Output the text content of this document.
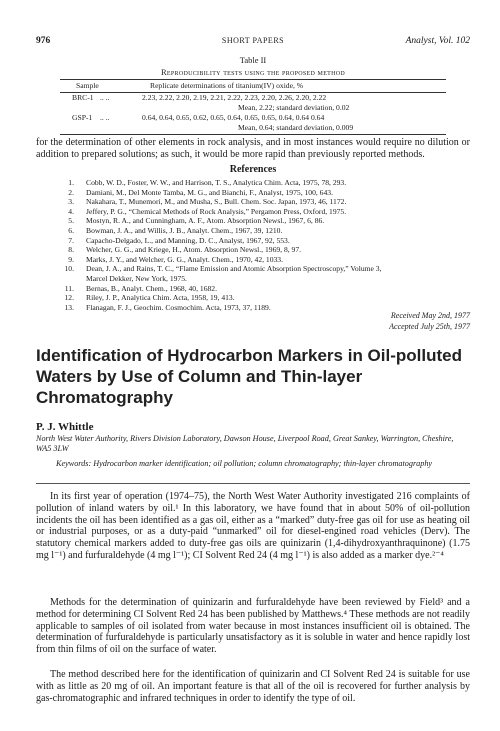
976	SHORT PAPERS	Analyst, Vol. 102
Table II
Reproducibility tests using the proposed method
Sample	Replicate determinations of titanium(IV) oxide, %
BRC-1 .. ..	2.23, 2.22, 2.20, 2.19, 2.21, 2.22, 2.23, 2.20, 2.26, 2.20, 2.22
Mean, 2.22; standard deviation, 0.02
GSP-1 .. ..	0.64, 0.64, 0.65, 0.62, 0.65, 0.64, 0.65, 0.65, 0.64, 0.64 0.64
Mean, 0.64; standard deviation, 0.009
for the determination of other elements in rock analysis, and in most instances would require no dilution or addition to prepared solutions; as such, it would be more rapid than previously reported methods.
References
1. Cobb, W. D., Foster, W. W., and Harrison, T. S., Analytica Chim. Acta, 1975, 78, 293.
2. Damiani, M., Del Monte Tamba, M. G., and Bianchi, F., Analyst, 1975, 100, 643.
3. Nakahara, T., Munemori, M., and Musha, S., Bull. Chem. Soc. Japan, 1973, 46, 1172.
4. Jeffery, P. G., “Chemical Methods of Rock Analysis,” Pergamon Press, Oxford, 1975.
5. Mostyn, R. A., and Cunningham, A. F., Atom. Absorption Newsl., 1967, 6, 86.
6. Bowman, J. A., and Willis, J. B., Analyt. Chem., 1967, 39, 1210.
7. Capacho-Delgado, L., and Manning, D. C., Analyst, 1967, 92, 553.
8. Welcher, G. G., and Kriege, H., Atom. Absorption Newsl., 1969, 8, 97.
9. Marks, J. Y., and Welcher, G. G., Analyt. Chem., 1970, 42, 1033.
10. Dean, J. A., and Rains, T. C., “Flame Emission and Atomic Absorption Spectroscopy,” Volume 3,
Marcel Dekker, New York, 1975.
11. Bernas, B., Analyt. Chem., 1968, 40, 1682.
12. Riley, J. P., Analytica Chim. Acta, 1958, 19, 413.
13. Flanagan, F. J., Geochim. Cosmochim. Acta, 1973, 37, 1189.
Received May 2nd, 1977
Accepted July 25th, 1977
Identification of Hydrocarbon Markers in Oil-polluted Waters by Use of Column and Thin-layer Chromatography
P. J. Whittle
North West Water Authority, Rivers Division Laboratory, Dawson House, Liverpool Road, Great Sankey, Warrington, Cheshire, WA5 3LW
Keywords: Hydrocarbon marker identification; oil pollution; column chromatography; thin-layer chromatography
In its first year of operation (1974–75), the North West Water Authority investigated 216 complaints of pollution of inland waters by oil.¹ In this laboratory, we have found that in about 50% of oil-pollution incidents the oil has been identified as a gas oil, either as a “marked” duty-free gas oil for use as heating oil or industrial purposes, or as a duty-paid “unmarked” oil for diesel-engined road vehicles (Derv). The statutory chemical markers added to duty-free gas oils are quinizarin (1,4-dihydroxyanthraquinone) (1.75 mg l⁻¹) and furfuraldehyde (4 mg l⁻¹); CI Solvent Red 24 (4 mg l⁻¹) is also added as a marker dye.²⁻⁴
Methods for the determination of quinizarin and furfuraldehyde have been reviewed by Field³ and a method for determining CI Solvent Red 24 has been published by Matthews.⁴ These methods are not readily applicable to samples of oil isolated from water because in most instances insufficient oil is obtained. The determination of furfuraldehyde is particularly unsatisfactory as it is soluble in water and hence rapidly lost from thin films of oil on the surface of water.
The method described here for the identification of quinizarin and CI Solvent Red 24 is suitable for use with as little as 20 mg of oil. An important feature is that all of the oil is recovered for further analysis by gas-chromatographic and infrared techniques in order to identify the type of oil.
